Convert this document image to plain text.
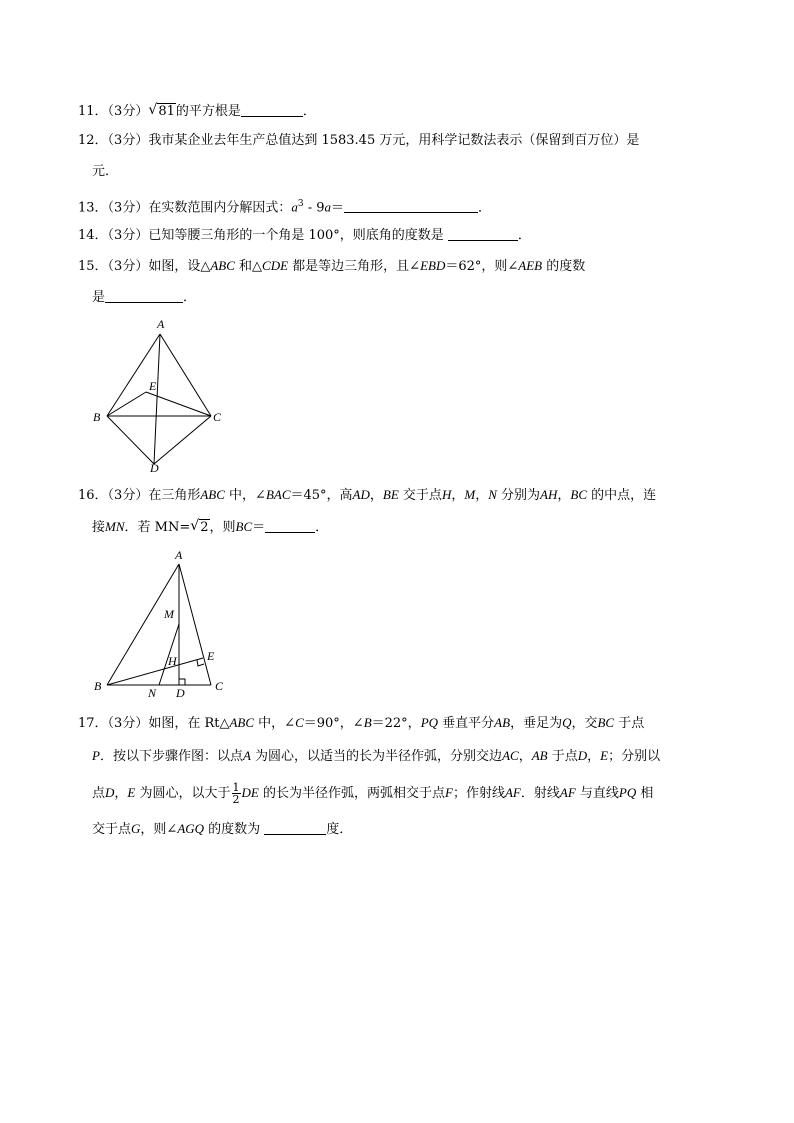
11．（3分） √ 81的平方根是	．
12．（3分）我市某企业去年生产总值达到 1583.45 万元，用科学记数法表示（保留到百万位）是
元．
13．（3分）在实数范围内分解因式：$a^3 - 9a=$	．
14．（3分）已知等腰三角形的一个角是 100°，则底角的度数是	．
15．（3分）如图，设△ABC 和△CDE 都是等边三角形，且∠EBD＝62°，则∠AEB 的度数
是	．
A
B	C
D
E
16．（3分）在三角形ABC 中，∠BAC＝45°，高AD，BE 交于点H，M，N 分别为AH，BC 的中点，连
接MN．若 MN= √ 2，则BC＝	．
A
B	C
D
E
H
M
N
17．（3分）如图，在 Rt△ABC 中，∠C＝90°，∠B＝22°，PQ 垂直平分AB，垂足为Q，交BC 于点
P．按以下步骤作图：以点A 为圆心，以适当的长为半径作弧，分别交边AC，AB 于点D，E；分别以
点D，E 为圆心，以大于 $\frac{1}{2}$ DE 的长为半径作弧，两弧相交于点F；作射线AF．射线AF 与直线PQ 相
交于点G，则∠AGQ 的度数为	度．
